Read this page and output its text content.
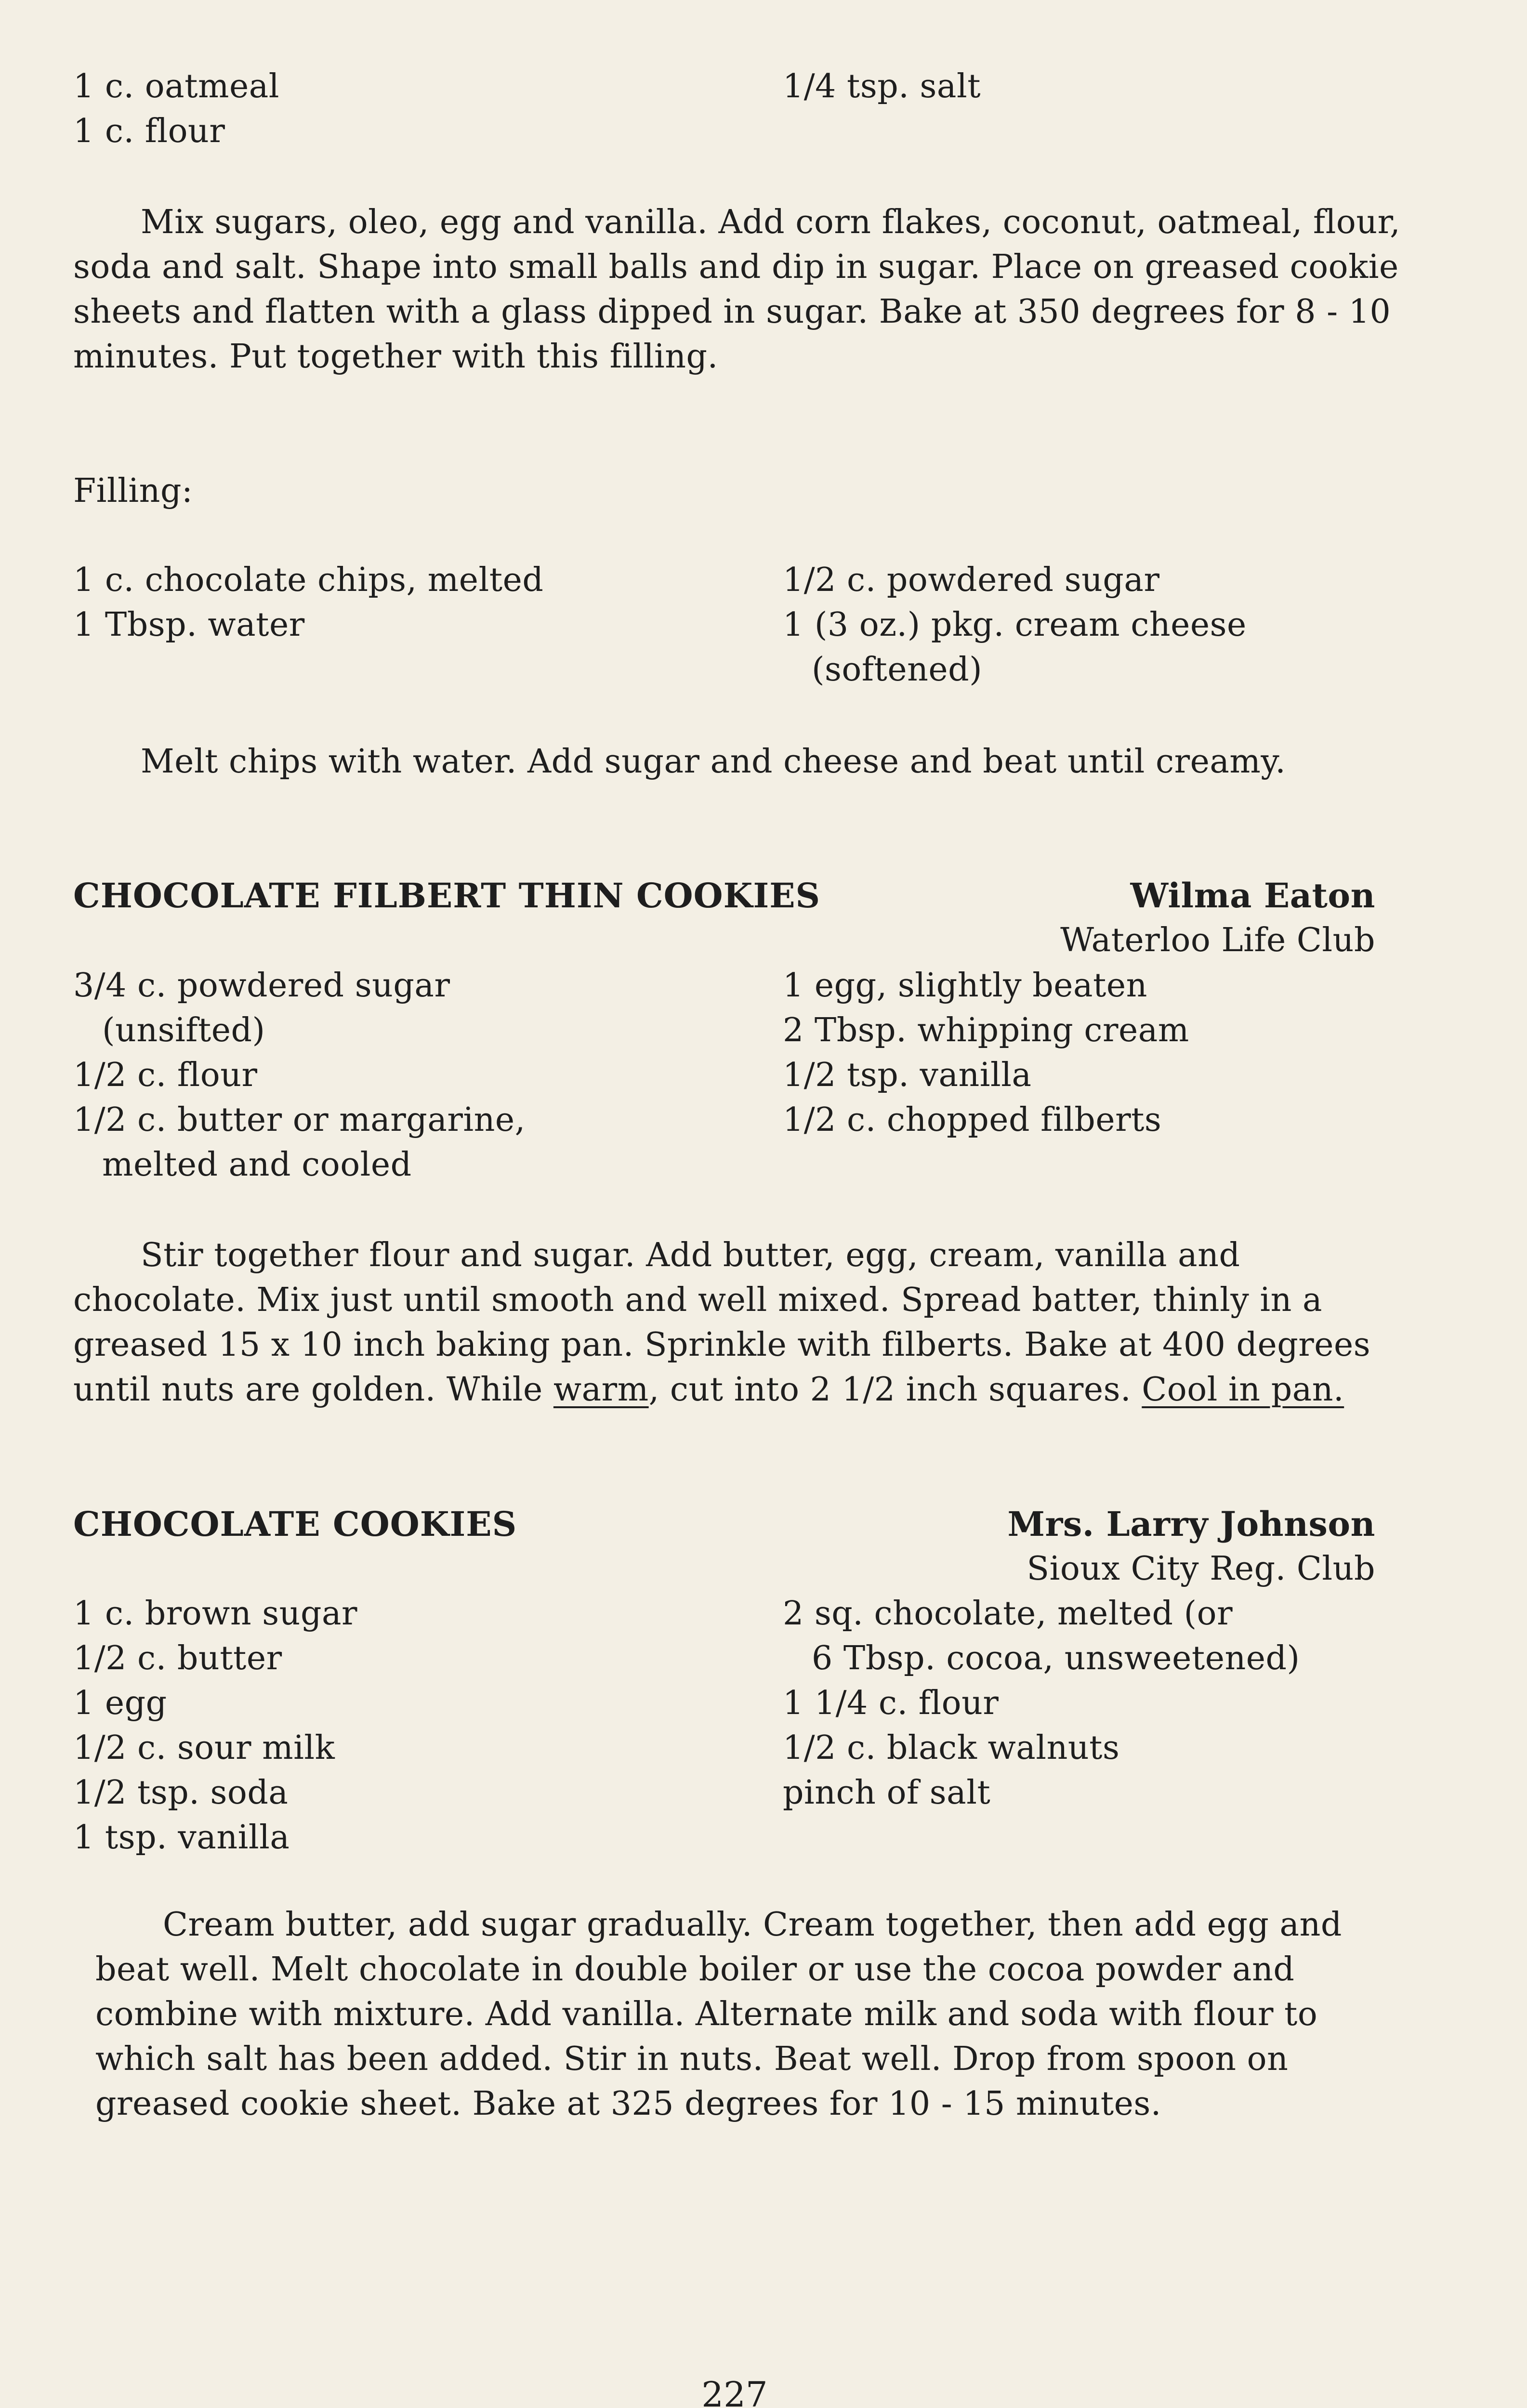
1 c. oatmeal
1 c. flour
1/4 tsp. salt
Mix sugars, oleo, egg and vanilla. Add corn flakes, coconut, oatmeal, flour, soda and salt. Shape into small balls and dip in sugar. Place on greased cookie sheets and flatten with a glass dipped in sugar. Bake at 350 degrees for 8 - 10 minutes. Put together with this filling.
Filling:
1 c. chocolate chips, melted
1 Tbsp. water
1/2 c. powdered sugar
1 (3 oz.) pkg. cream cheese
(softened)
Melt chips with water. Add sugar and cheese and beat until creamy.
CHOCOLATE FILBERT THIN COOKIES	Wilma Eaton
Waterloo Life Club
3/4 c. powdered sugar
(unsifted)
1/2 c. flour
1/2 c. butter or margarine,
melted and cooled
1 egg, slightly beaten
2 Tbsp. whipping cream
1/2 tsp. vanilla
1/2 c. chopped filberts
Stir together flour and sugar. Add butter, egg, cream, vanilla and chocolate. Mix just until smooth and well mixed. Spread batter, thinly in a greased 15 x 10 inch baking pan. Sprinkle with filberts. Bake at 400 degrees until nuts are golden. While warm, cut into 2 1/2 inch squares. Cool in pan.
CHOCOLATE COOKIES	Mrs. Larry Johnson
Sioux City Reg. Club
1 c. brown sugar
1/2 c. butter
1 egg
1/2 c. sour milk
1/2 tsp. soda
1 tsp. vanilla
2 sq. chocolate, melted (or
6 Tbsp. cocoa, unsweetened)
1 1/4 c. flour
1/2 c. black walnuts
pinch of salt
Cream butter, add sugar gradually. Cream together, then add egg and beat well. Melt chocolate in double boiler or use the cocoa powder and combine with mixture. Add vanilla. Alternate milk and soda with flour to which salt has been added. Stir in nuts. Beat well. Drop from spoon on greased cookie sheet. Bake at 325 degrees for 10 - 15 minutes.
227
